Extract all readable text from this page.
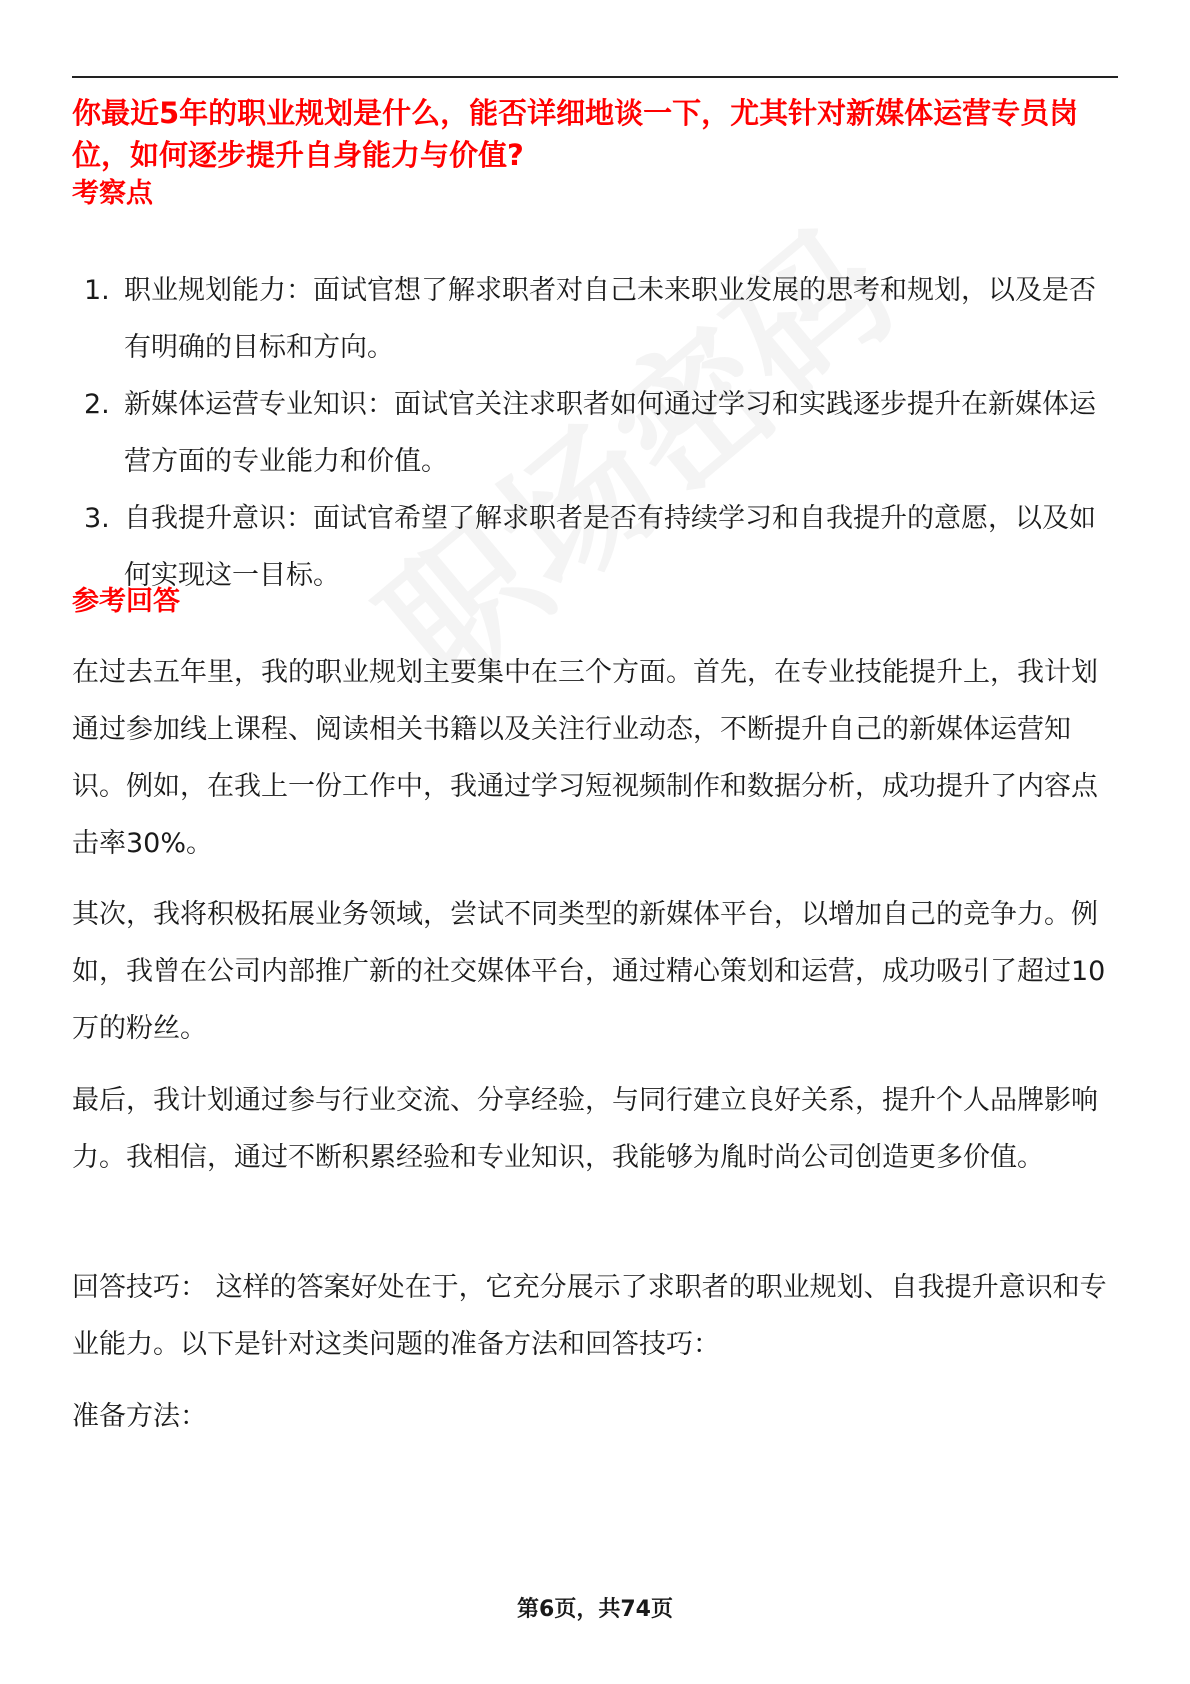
你最近5年的职业规划是什么，能否详细地谈一下，尤其针对新媒体运营专员岗位，如何逐步提升自身能力与价值?

考察点
1. 职业规划能力：面试官想了解求职者对自己未来职业发展的思考和规划，以及是否有明确的目标和方向。
2. 新媒体运营专业知识：面试官关注求职者如何通过学习和实践逐步提升在新媒体运营方面的专业能力和价值。
3. 自我提升意识：面试官希望了解求职者是否有持续学习和自我提升的意愿，以及如何实现这一目标。
参考回答

在过去五年里，我的职业规划主要集中在三个方面。首先，在专业技能提升上，我计划通过参加线上课程、阅读相关书籍以及关注行业动态，不断提升自己的新媒体运营知识。例如，在我上一份工作中，我通过学习短视频制作和数据分析，成功提升了内容点击率30%。

其次，我将积极拓展业务领域，尝试不同类型的新媒体平台，以增加自己的竞争力。例如，我曾在公司内部推广新的社交媒体平台，通过精心策划和运营，成功吸引了超过10万的粉丝。

最后，我计划通过参与行业交流、分享经验，与同行建立良好关系，提升个人品牌影响力。我相信，通过不断积累经验和专业知识，我能够为胤时尚公司创造更多价值。

回答技巧： 这样的答案好处在于，它充分展示了求职者的职业规划、自我提升意识和专业能力。以下是针对这类问题的准备方法和回答技巧：

准备方法：

第6页，共74页
